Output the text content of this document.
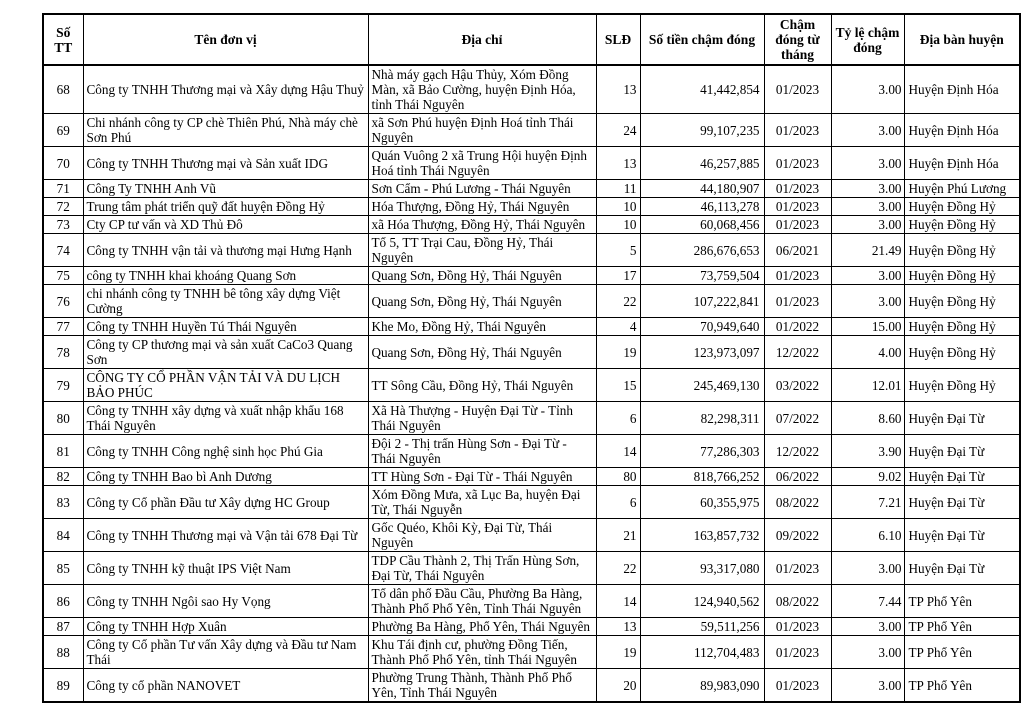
Số TT	Tên đơn vị	Địa chỉ	SLĐ	Số tiền chậm đóng	Chậm đóng từ tháng	Tỷ lệ chậm đóng	Địa bàn huyện
68	Công ty TNHH Thương mại và Xây dựng Hậu Thuỷ	Nhà máy gạch Hậu Thủy, Xóm Đồng Màn, xã Bảo Cường, huyện Định Hóa, tỉnh Thái Nguyên	13	41,442,854	01/2023	3.00	Huyện Định Hóa
69	Chi nhánh công ty CP chè Thiên Phú, Nhà máy chè Sơn Phú	xã Sơn Phú huyện Định Hoá tỉnh Thái Nguyên	24	99,107,235	01/2023	3.00	Huyện Định Hóa
70	Công ty TNHH Thương mại và Sản xuất IDG	Quán Vuông 2 xã Trung Hội huyện Định Hoá tỉnh Thái Nguyên	13	46,257,885	01/2023	3.00	Huyện Định Hóa
71	Công Ty TNHH Anh Vũ	Sơn Cẩm - Phú Lương - Thái Nguyên	11	44,180,907	01/2023	3.00	Huyện Phú Lương
72	Trung tâm phát triển quỹ đất huyện Đồng Hỷ	Hóa Thượng, Đồng Hỷ, Thái Nguyên	10	46,113,278	01/2023	3.00	Huyện Đồng Hỷ
73	Cty CP tư vấn và XD Thủ Đô	xã Hóa Thượng, Đồng Hỷ, Thái Nguyên	10	60,068,456	01/2023	3.00	Huyện Đồng Hỷ
74	Công ty TNHH vận tải và thương mại Hưng Hạnh	Tổ 5, TT Trại Cau, Đồng Hỷ, Thái Nguyên	5	286,676,653	06/2021	21.49	Huyện Đồng Hỷ
75	công ty TNHH khai khoáng Quang Sơn	Quang Sơn, Đồng Hỷ, Thái Nguyên	17	73,759,504	01/2023	3.00	Huyện Đồng Hỷ
76	chi nhánh công ty TNHH bê tông xây dựng Việt Cường	Quang Sơn, Đồng Hỷ, Thái Nguyên	22	107,222,841	01/2023	3.00	Huyện Đồng Hỷ
77	Công ty TNHH Huyền Tú Thái Nguyên	Khe Mo, Đồng Hỷ, Thái Nguyên	4	70,949,640	01/2022	15.00	Huyện Đồng Hỷ
78	Công ty CP thương mại và sản xuất CaCo3 Quang Sơn	Quang Sơn, Đồng Hỷ, Thái Nguyên	19	123,973,097	12/2022	4.00	Huyện Đồng Hỷ
79	CÔNG TY CỔ PHẦN VẬN TẢI VÀ DU LỊCH BẢO PHÚC	TT Sông Cầu, Đồng Hỷ, Thái Nguyên	15	245,469,130	03/2022	12.01	Huyện Đồng Hỷ
80	Công ty TNHH xây dựng và xuất nhập khẩu 168 Thái Nguyên	Xã Hà Thượng - Huyện Đại Từ - Tỉnh Thái Nguyên	6	82,298,311	07/2022	8.60	Huyện Đại Từ
81	Công ty TNHH Công nghệ sinh học Phú Gia	Đội 2 - Thị trấn Hùng Sơn - Đại Từ - Thái Nguyên	14	77,286,303	12/2022	3.90	Huyện Đại Từ
82	Công ty TNHH Bao bì Anh Dương	TT Hùng Sơn - Đại Từ - Thái Nguyên	80	818,766,252	06/2022	9.02	Huyện Đại Từ
83	Công ty Cổ phần Đầu tư Xây dựng HC Group	Xóm Đồng Mưa, xã Lục Ba, huyện Đại Từ, Thái Nguyễn	6	60,355,975	08/2022	7.21	Huyện Đại Từ
84	Công ty TNHH Thương mại và Vận tải 678 Đại Từ	Gốc Quéo, Khôi Kỳ, Đại Từ, Thái Nguyên	21	163,857,732	09/2022	6.10	Huyện Đại Từ
85	Công ty TNHH kỹ thuật IPS Việt Nam	TDP Cầu Thành 2, Thị Trấn Hùng Sơn, Đại Từ, Thái Nguyên	22	93,317,080	01/2023	3.00	Huyện Đại Từ
86	Công ty TNHH Ngôi sao Hy Vọng	Tổ dân phố Đầu Cầu, Phường Ba Hàng, Thành Phố Phổ Yên, Tỉnh Thái Nguyên	14	124,940,562	08/2022	7.44	TP Phổ Yên
87	Công ty TNHH Hợp Xuân	Phường Ba Hàng, Phổ Yên, Thái Nguyên	13	59,511,256	01/2023	3.00	TP Phổ Yên
88	Công ty Cổ phần Tư vấn Xây dựng và Đầu tư Nam Thái	Khu Tái định cư, phường Đồng Tiến, Thành Phố Phổ Yên, tỉnh Thái Nguyên	19	112,704,483	01/2023	3.00	TP Phổ Yên
89	Công ty cổ phần NANOVET	Phường Trung Thành, Thành Phố Phổ Yên, Tỉnh Thái Nguyên	20	89,983,090	01/2023	3.00	TP Phổ Yên
